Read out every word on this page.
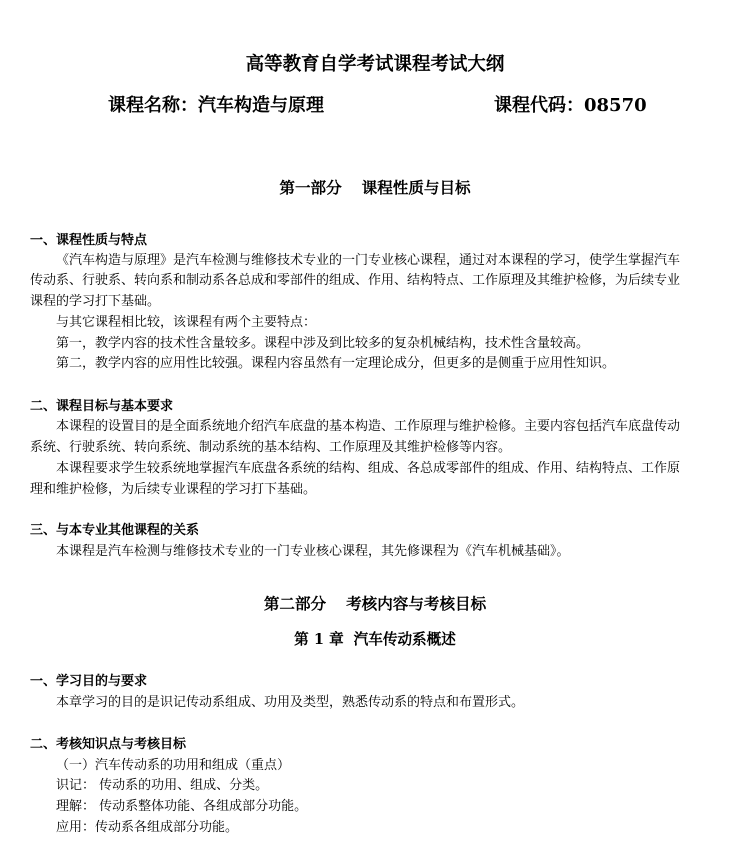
高等教育自学考试课程考试大纲
课程名称：汽车构造与原理	课程代码：08570
第一部分 课程性质与目标
一、课程性质与特点
《汽车构造与原理》是汽车检测与维修技术专业的一门专业核心课程，通过对本课程的学习，使学生掌握汽车
传动系、行驶系、转向系和制动系各总成和零部件的组成、作用、结构特点、工作原理及其维护检修，为后续专业
课程的学习打下基础。
与其它课程相比较，该课程有两个主要特点：
第一，教学内容的技术性含量较多。课程中涉及到比较多的复杂机械结构，技术性含量较高。
第二，教学内容的应用性比较强。课程内容虽然有一定理论成分，但更多的是侧重于应用性知识。
二、课程目标与基本要求
本课程的设置目的是全面系统地介绍汽车底盘的基本构造、工作原理与维护检修。主要内容包括汽车底盘传动
系统、行驶系统、转向系统、制动系统的基本结构、工作原理及其维护检修等内容。
本课程要求学生较系统地掌握汽车底盘各系统的结构、组成、各总成零部件的组成、作用、结构特点、工作原
理和维护检修，为后续专业课程的学习打下基础。
三、与本专业其他课程的关系
本课程是汽车检测与维修技术专业的一门专业核心课程，其先修课程为《汽车机械基础》。
第二部分 考核内容与考核目标
第 1 章 汽车传动系概述
一、学习目的与要求
本章学习的目的是识记传动系组成、功用及类型，熟悉传动系的特点和布置形式。
二、考核知识点与考核目标
（一）汽车传动系的功用和组成（重点）
识记： 传动系的功用、组成、分类。
理解： 传动系整体功能、各组成部分功能。
应用：传动系各组成部分功能。
